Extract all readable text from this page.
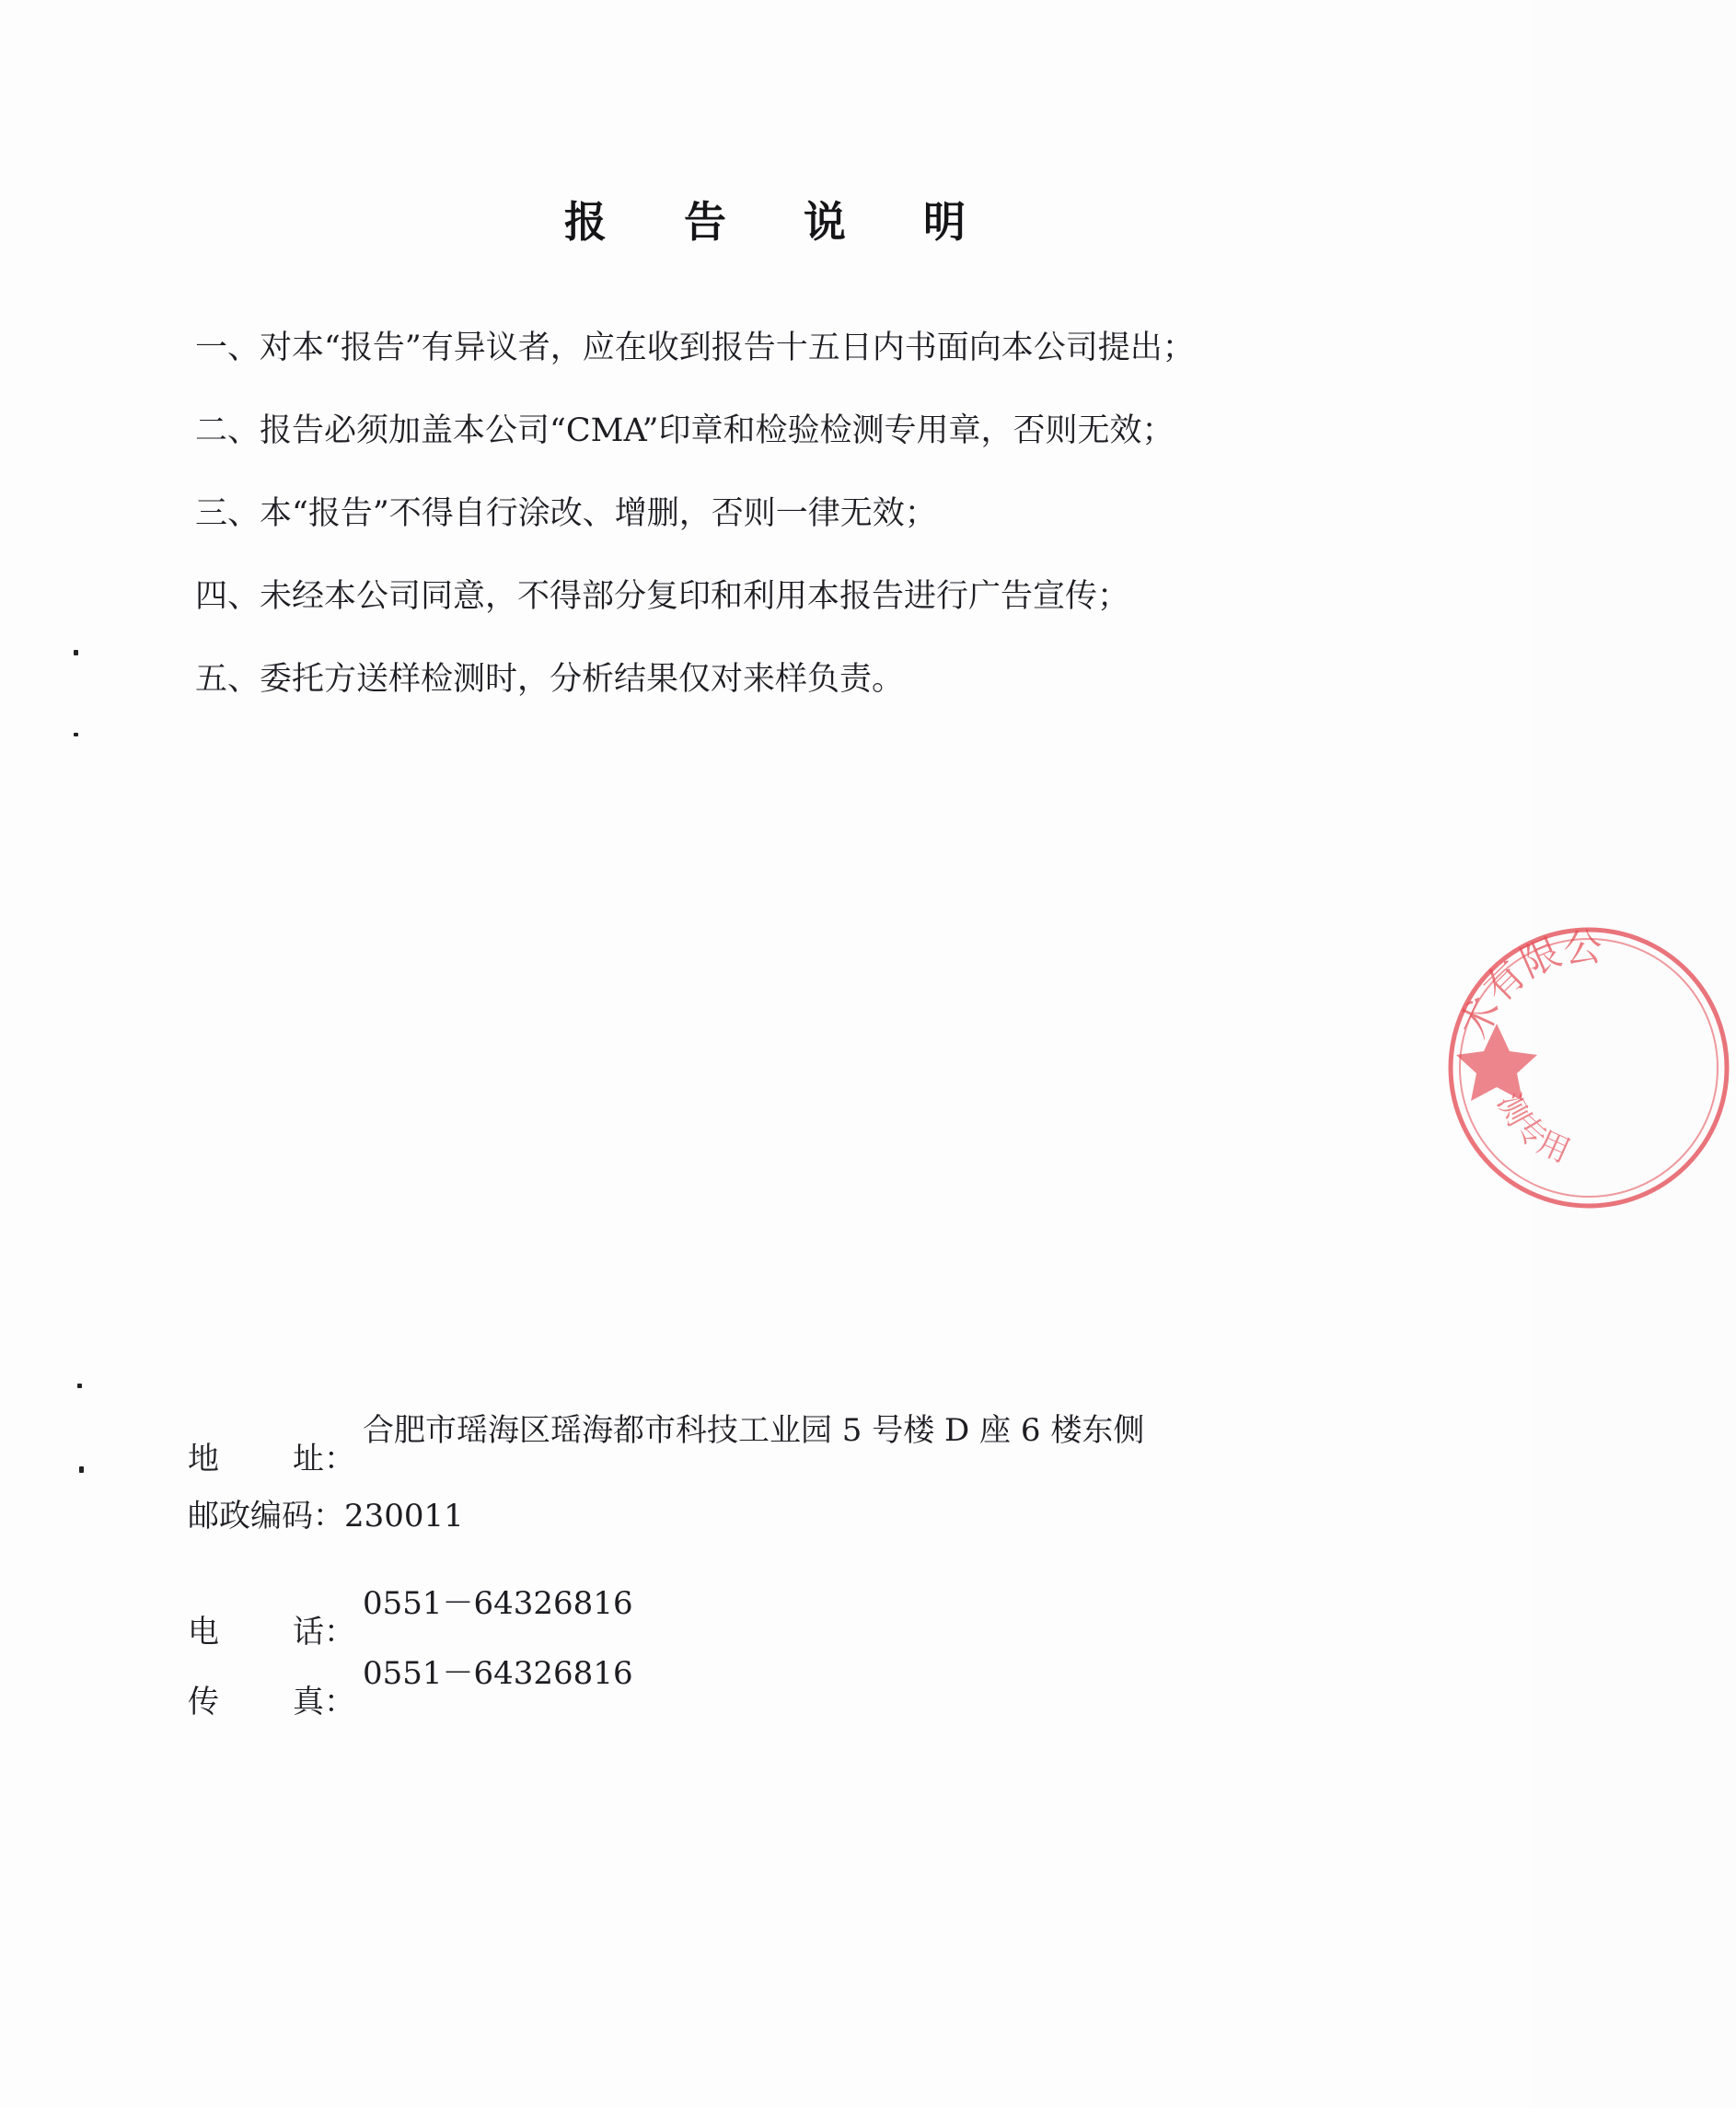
报 告 说 明
一、对本“报告”有异议者，应在收到报告十五日内书面向本公司提出；
二、报告必须加盖本公司“CMA”印章和检验检测专用章，否则无效；
三、本“报告”不得自行涂改、增删，否则一律无效；
四、未经本公司同意，不得部分复印和利用本报告进行广告宣传；
五、委托方送样检测时，分析结果仅对来样负责。
地 址：
合肥市瑶海区瑶海都市科技工业园 5 号楼 D 座 6 楼东侧
邮政编码：230011
电 话：
0551－64326816
传 真：
0551－64326816
术有限公
测专用
